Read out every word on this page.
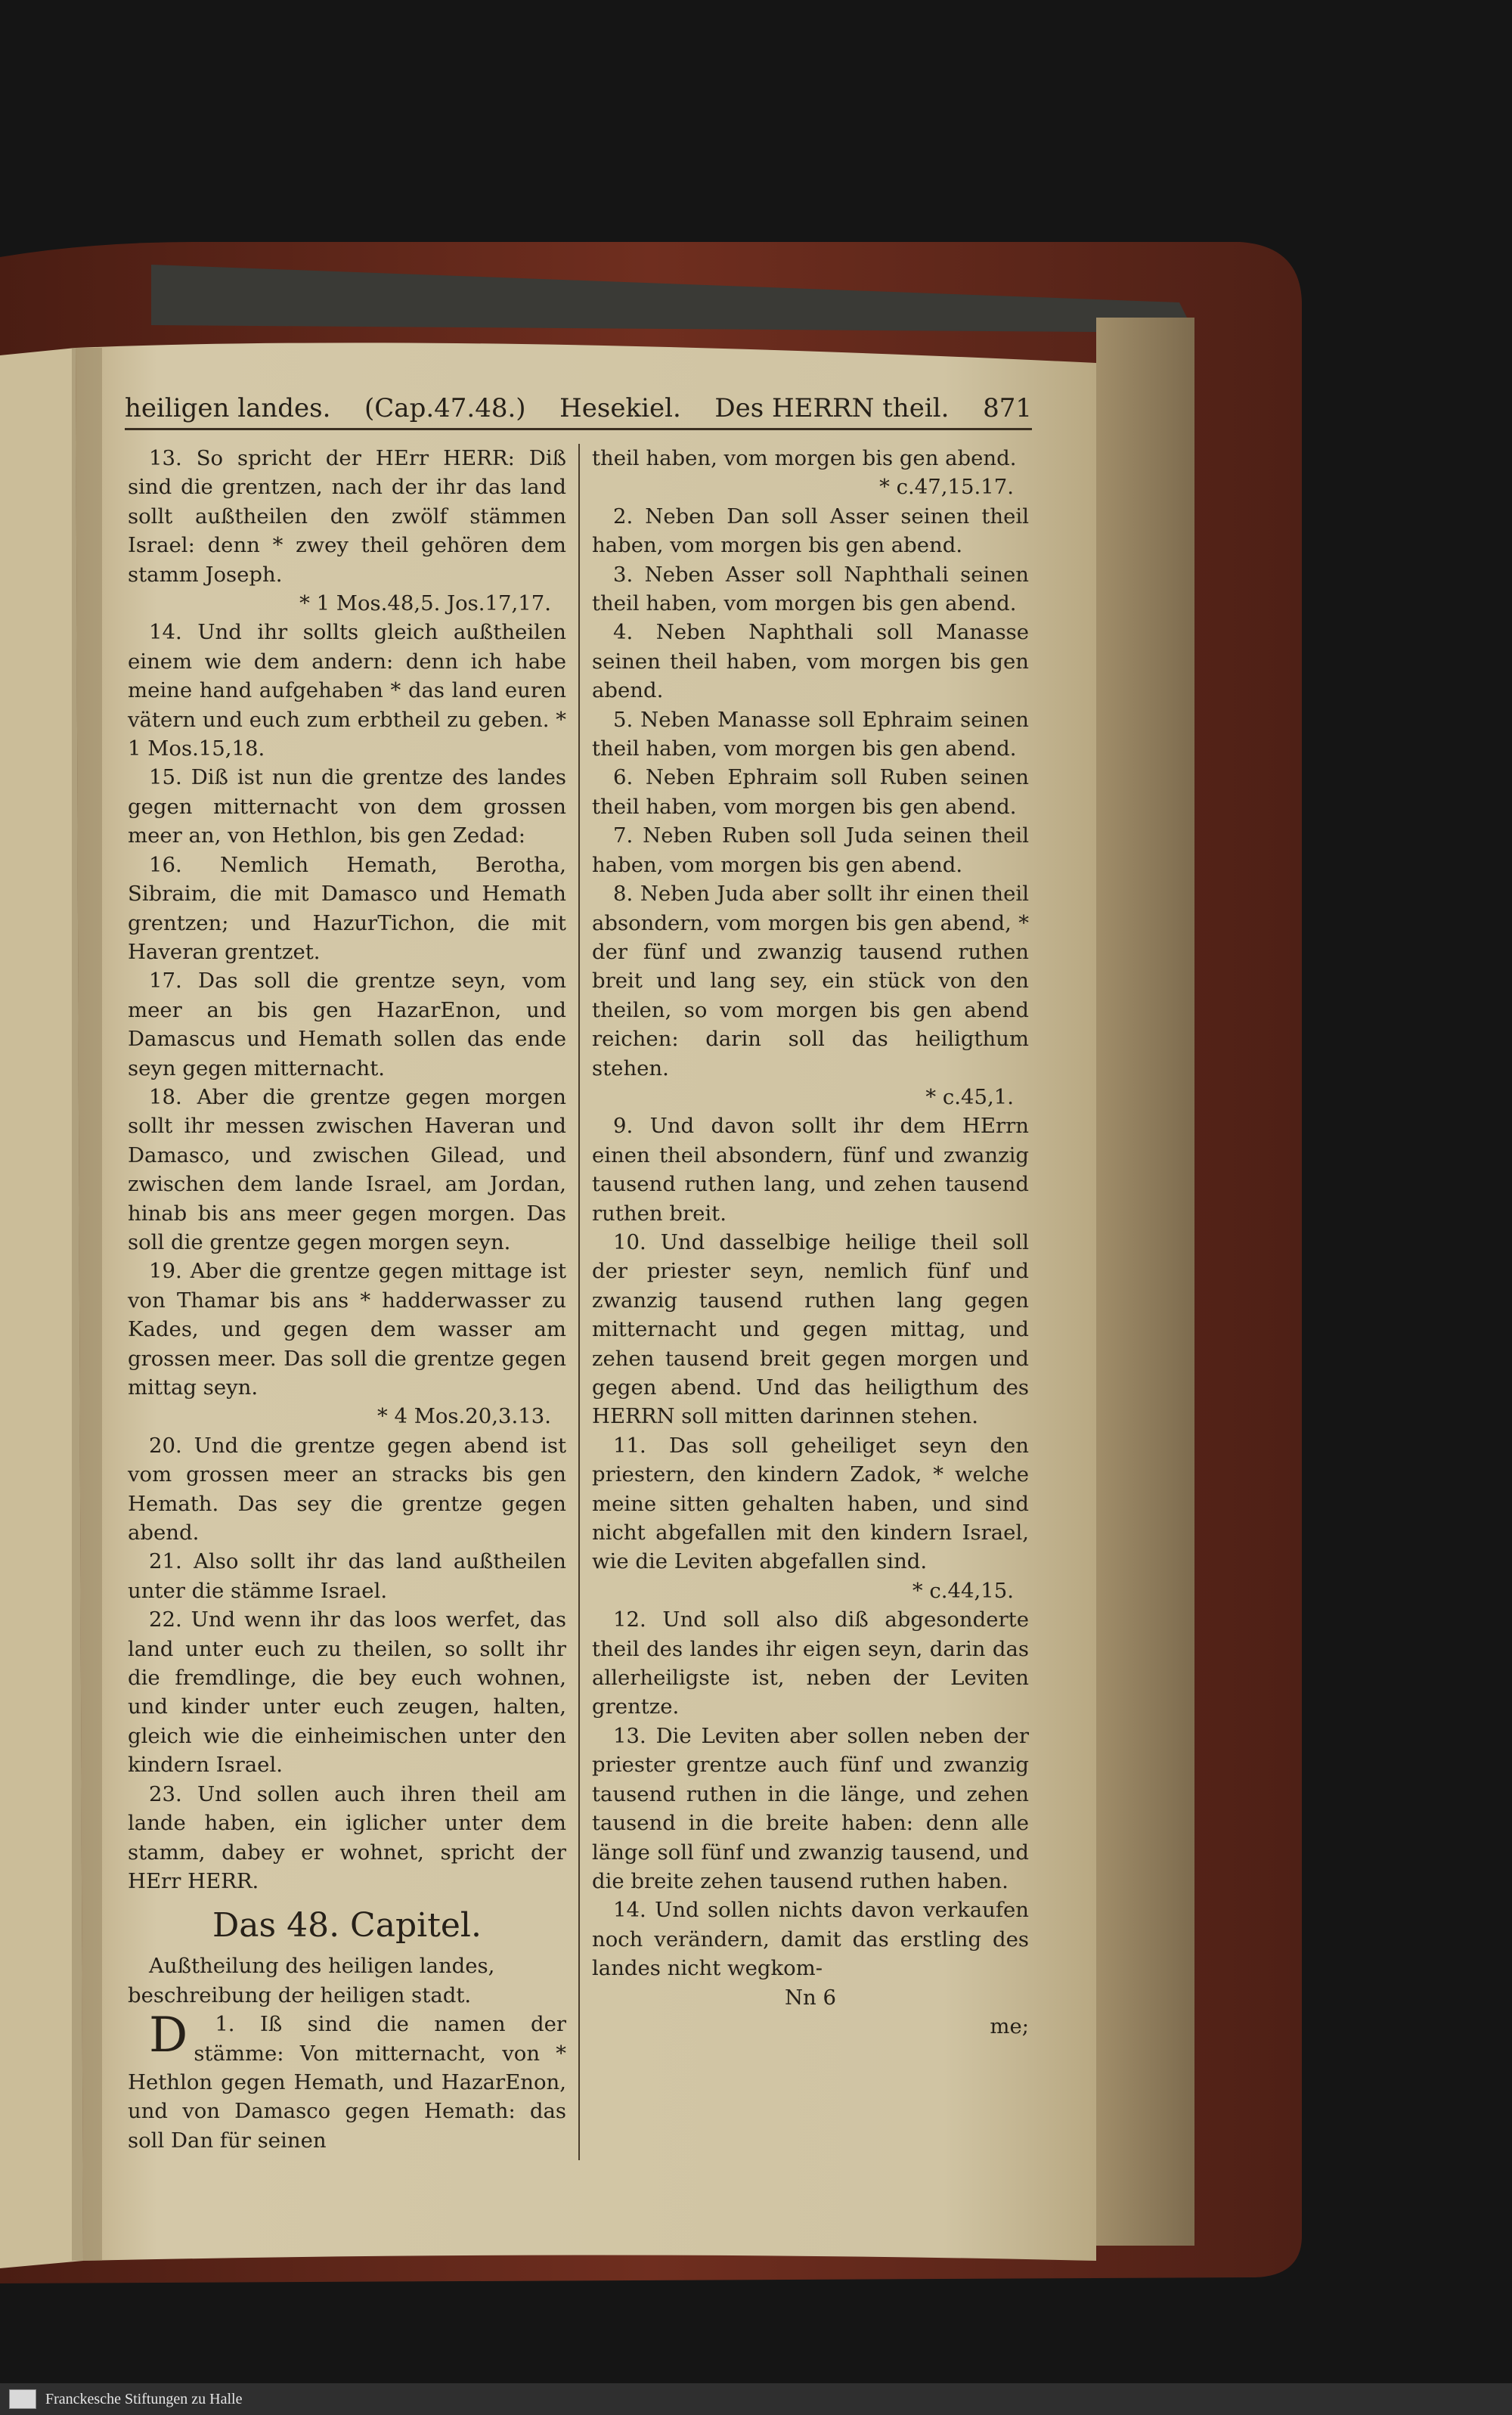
heiligen landes. (Cap.47.48.) Hesekiel. Des HERRN theil. 871

13. So spricht der HErr HERR: Diß sind die grentzen, nach der ihr das land sollt außtheilen den zwölf stämmen Israel: denn * zwey theil gehören dem stamm Joseph.

* 1 Mos.48,5. Jos.17,17.

14. Und ihr sollts gleich außtheilen einem wie dem andern: denn ich habe meine hand aufgehaben * das land euren vätern und euch zum erbtheil zu geben. * 1 Mos.15,18.

15. Diß ist nun die grentze des landes gegen mitternacht von dem grossen meer an, von Hethlon, bis gen Zedad:

16. Nemlich Hemath, Berotha, Sibraim, die mit Damasco und Hemath grentzen; und HazurTichon, die mit Haveran grentzet.

17. Das soll die grentze seyn, vom meer an bis gen HazarEnon, und Damascus und Hemath sollen das ende seyn gegen mitternacht.

18. Aber die grentze gegen morgen sollt ihr messen zwischen Haveran und Damasco, und zwischen Gilead, und zwischen dem lande Israel, am Jordan, hinab bis ans meer gegen morgen. Das soll die grentze gegen morgen seyn.

19. Aber die grentze gegen mittage ist von Thamar bis ans * hadderwasser zu Kades, und gegen dem wasser am grossen meer. Das soll die grentze gegen mittag seyn.

* 4 Mos.20,3.13.

20. Und die grentze gegen abend ist vom grossen meer an stracks bis gen Hemath. Das sey die grentze gegen abend.

21. Also sollt ihr das land außtheilen unter die stämme Israel.

22. Und wenn ihr das loos werfet, das land unter euch zu theilen, so sollt ihr die fremdlinge, die bey euch wohnen, und kinder unter euch zeugen, halten, gleich wie die einheimischen unter den kindern Israel.

23. Und sollen auch ihren theil am lande haben, ein iglicher unter dem stamm, dabey er wohnet, spricht der HErr HERR.

Das 48. Capitel.

Außtheilung des heiligen landes, beschreibung der heiligen stadt.

1.
D	Iß sind die namen der stämme: Von mitternacht, von * Hethlon gegen Hemath, und HazarEnon, und von Damasco gegen Hemath: das soll Dan für seinen

theil haben, vom morgen bis gen abend.

* c.47,15.17.

2. Neben Dan soll Asser seinen theil haben, vom morgen bis gen abend.

3. Neben Asser soll Naphthali seinen theil haben, vom morgen bis gen abend.

4. Neben Naphthali soll Manasse seinen theil haben, vom morgen bis gen abend.

5. Neben Manasse soll Ephraim seinen theil haben, vom morgen bis gen abend.

6. Neben Ephraim soll Ruben seinen theil haben, vom morgen bis gen abend.

7. Neben Ruben soll Juda seinen theil haben, vom morgen bis gen abend.

8. Neben Juda aber sollt ihr einen theil absondern, vom morgen bis gen abend, * der fünf und zwanzig tausend ruthen breit und lang sey, ein stück von den theilen, so vom morgen bis gen abend reichen: darin soll das heiligthum stehen.

* c.45,1.

9. Und davon sollt ihr dem HErrn einen theil absondern, fünf und zwanzig tausend ruthen lang, und zehen tausend ruthen breit.

10. Und dasselbige heilige theil soll der priester seyn, nemlich fünf und zwanzig tausend ruthen lang gegen mitternacht und gegen mittag, und zehen tausend breit gegen morgen und gegen abend. Und das heiligthum des HERRN soll mitten darinnen stehen.

11. Das soll geheiliget seyn den priestern, den kindern Zadok, * welche meine sitten gehalten haben, und sind nicht abgefallen mit den kindern Israel, wie die Leviten abgefallen sind.

* c.44,15.

12. Und soll also diß abgesonderte theil des landes ihr eigen seyn, darin das allerheiligste ist, neben der Leviten grentze.

13. Die Leviten aber sollen neben der priester grentze auch fünf und zwanzig tausend ruthen in die länge, und zehen tausend in die breite haben: denn alle länge soll fünf und zwanzig tausend, und die breite zehen tausend ruthen haben.

14. Und sollen nichts davon verkaufen noch verändern, damit das erstling des landes nicht wegkom-

Nn 6

me;

Franckesche Stiftungen zu Halle
